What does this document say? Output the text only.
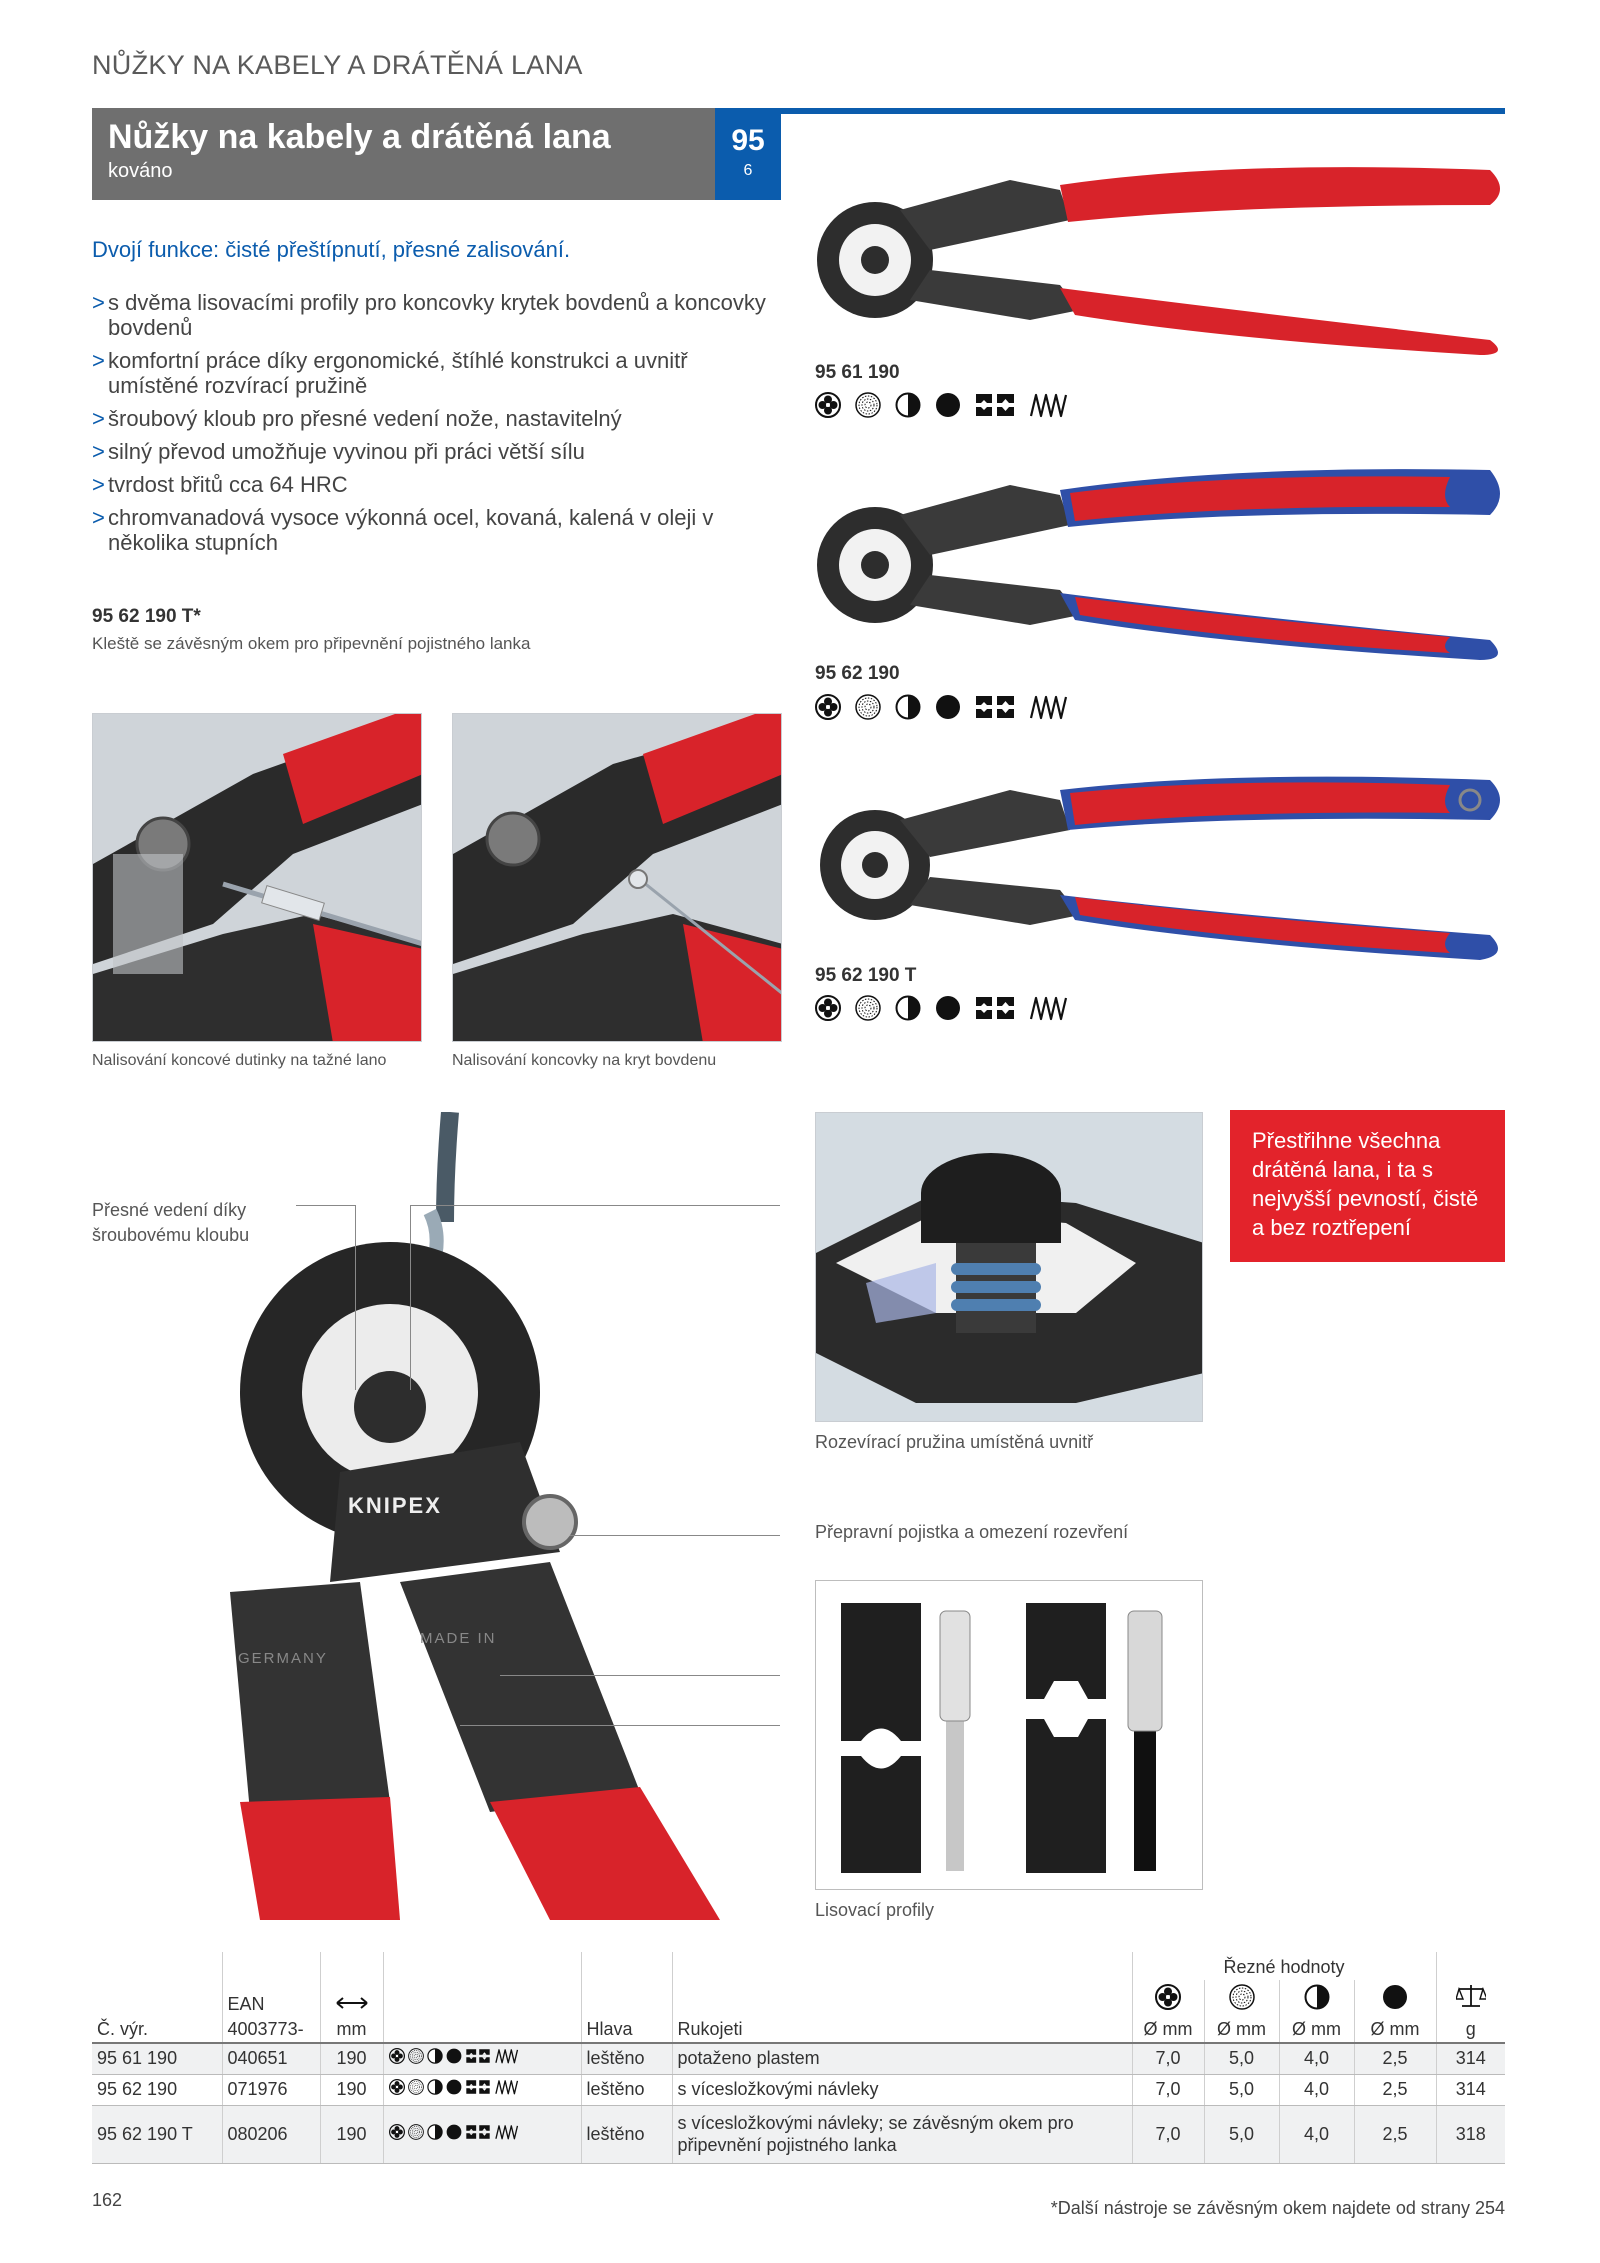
NŮŽKY NA KABELY A DRÁTĚNÁ LANA
Nůžky na kabely a drátěná lana
kováno
95
6
Dvojí funkce: čisté přeštípnutí, přesné zalisování.
> s dvěma lisovacími profily pro koncovky krytek bovdenů a koncovky bovdenů
> komfortní práce díky ergonomické, štíhlé konstrukci a uvnitř umístěné rozvírací pružině
> šroubový kloub pro přesné vedení nože, nastavitelný
> silný převod umožňuje vyvinou při práci větší sílu
> tvrdost břitů cca 64 HRC
> chromvanadová vysoce výkonná ocel, kovaná, kalená v oleji v několika stupních
95 62 190 T*
Kleště se závěsným okem pro připevnění pojistného lanka
Nalisování koncové dutinky na tažné lano	Nalisování koncovky na kryt bovdenu
95 61 190
95 62 190
95 62 190 T
KNIPEX
GERMANY
MADE IN
Přesné vedení díky šroubovému kloubu
Rozevírací pružina umístěná uvnitř
Přepravní pojistka a omezení rozevření
Přestřihne všechna drátěná lana, i ta s nejvyšší pevností, čistě a bez roztřepení
Lisovací profily
						Řezné hodnoty				
	EAN									
Č. výr.	4003773-	mm		Hlava	Rukojeti	Ø mm	Ø mm	Ø mm	Ø mm	g
95 61 190	040651	190		leštěno	potaženo plastem	7,0	5,0	4,0	2,5	314
95 62 190	071976	190		leštěno	s vícesložkovými návleky	7,0	5,0	4,0	2,5	314
95 62 190 T	080206	190		leštěno	s vícesložkovými návleky; se závěsným okem pro připevnění pojistného lanka	7,0	5,0	4,0	2,5	318
162	*Další nástroje se závěsným okem najdete od strany 254
